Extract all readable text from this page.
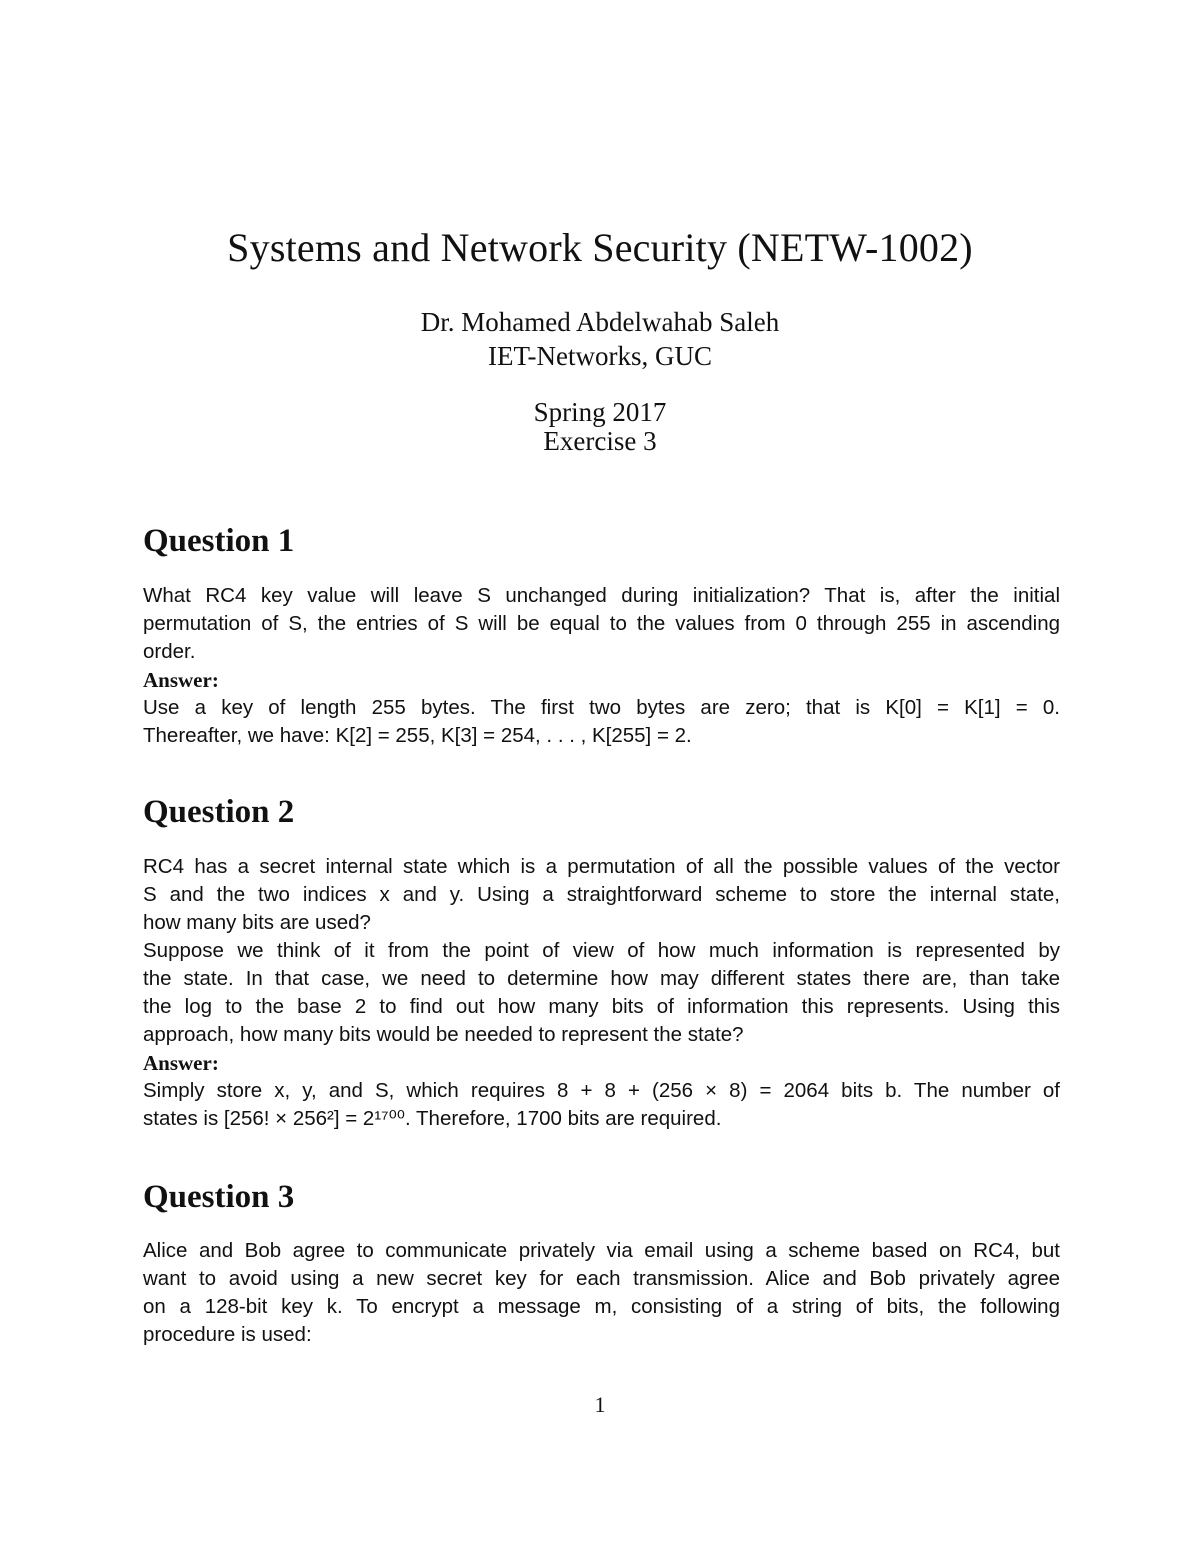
Systems and Network Security (NETW-1002)
Dr. Mohamed Abdelwahab Saleh
IET-Networks, GUC
Spring 2017
Exercise 3
Question 1
What RC4 key value will leave S unchanged during initialization? That is, after the initial
permutation of S, the entries of S will be equal to the values from 0 through 255 in ascending
order.
Answer:
Use a key of length 255 bytes. The first two bytes are zero; that is K[0] = K[1] = 0.
Thereafter, we have: K[2] = 255, K[3] = 254, . . . , K[255] = 2.
Question 2
RC4 has a secret internal state which is a permutation of all the possible values of the vector
S and the two indices x and y. Using a straightforward scheme to store the internal state,
how many bits are used?
Suppose we think of it from the point of view of how much information is represented by
the state. In that case, we need to determine how may different states there are, than take
the log to the base 2 to find out how many bits of information this represents. Using this
approach, how many bits would be needed to represent the state?
Answer:
Simply store x, y, and S, which requires 8 + 8 + (256 × 8) = 2064 bits b. The number of
states is [256! × 256²] = 2¹⁷⁰⁰. Therefore, 1700 bits are required.
Question 3
Alice and Bob agree to communicate privately via email using a scheme based on RC4, but
want to avoid using a new secret key for each transmission. Alice and Bob privately agree
on a 128-bit key k. To encrypt a message m, consisting of a string of bits, the following
procedure is used:
1
